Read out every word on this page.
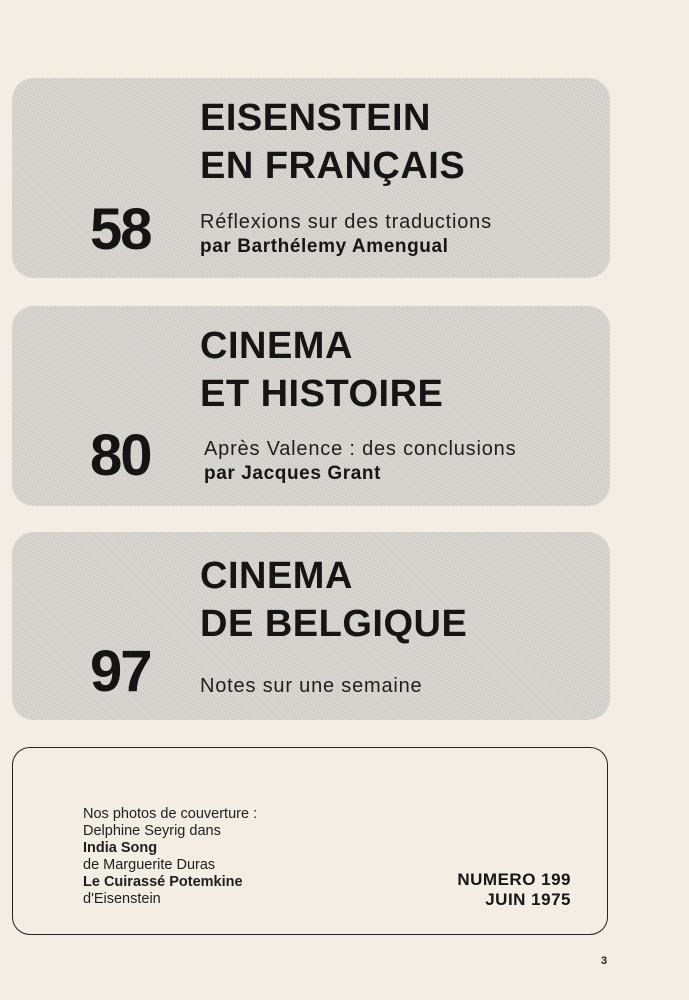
EISENSTEIN
EN FRANÇAIS
58 Réflexions sur des traductions
par Barthélemy Amengual
CINEMA
ET HISTOIRE
80	Après Valence : des conclusions
par Jacques Grant
CINEMA
DE BELGIQUE
97 Notes sur une semaine
Nos photos de couverture :
Delphine Seyrig dans
India Song
de Marguerite Duras
Le Cuirassé Potemkine
d'Eisenstein
NUMERO 199
JUIN 1975
3
